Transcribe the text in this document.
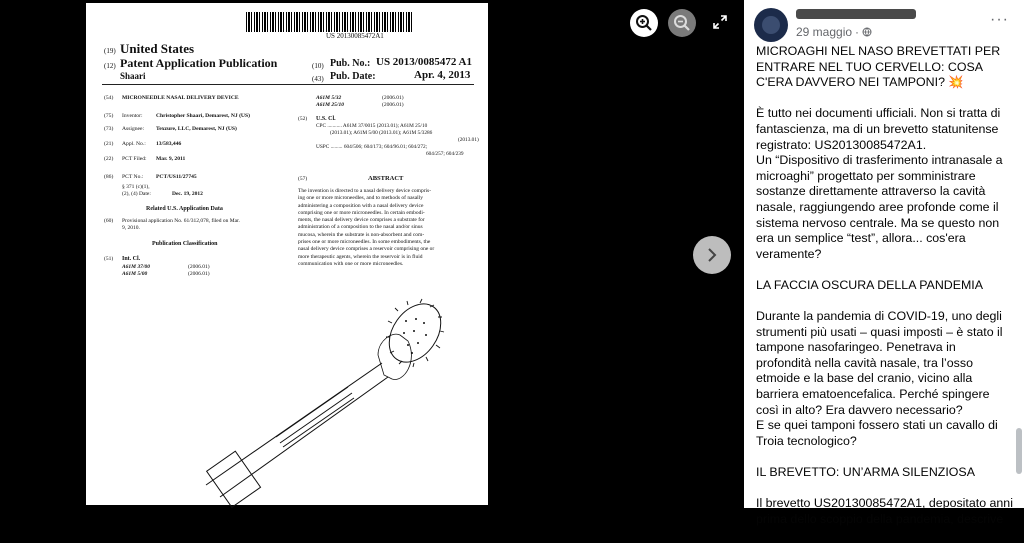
US 20130085472A1
(19) United States
(12) Patent Application Publication
Shaari
(10) Pub. No.: US 2013/0085472 A1
(43) Pub. Date:	Apr. 4, 2013
(54) MICRONEEDLE NASAL DELIVERY DEVICE
(75) Inventor: Christopher Shaari, Demarest, NJ (US)
(73) Assignee: Texzure, LLC, Demarest, NJ (US)
(21) Appl. No.: 13/583,446
(22) PCT Filed: Mar. 9, 2011
(86) PCT No.: PCT/US11/27745
§ 371 (c)(1),
(2), (4) Date:	Dec. 19, 2012
Related U.S. Application Data
(60) Provisional application No. 61/312,078, filed on Mar.
9, 2010.
Publication Classification
(51) Int. Cl.
A61M 37/00	(2006.01)
A61M 5/00	(2006.01)
A61M 5/32	(2006.01)
A61M 25/10	(2006.01)
(52) U.S. Cl.
CPC ........... A61M 37/0015 (2013.01); A61M 25/10
(2013.01); A61M 5/00 (2013.01); A61M 5/3286
(2013.01)
USPC ......... 604/506; 604/173; 604/96.01; 604/272;
604/257; 604/239
(57)	ABSTRACT
The invention is directed to a nasal delivery device compris-
ing one or more microneedles, and to methods of nasally
administering a composition with a nasal delivery device
comprising one or more microneedles. In certain embodi-
ments, the nasal delivery device comprises a substrate for
administration of a composition to the nasal and/or sinus
mucosa, wherein the substrate is non-absorbent and com-
prises one or more microneedles. In some embodiments, the
nasal delivery device comprises a reservoir comprising one or
more therapeutic agents, wherein the reservoir is in fluid
communication with one or more microneedles.
29 maggio ·
···

MICROAGHI NEL NASO BREVETTATI PER ENTRARE NEL TUO CERVELLO: COSA C'ERA DAVVERO NEI TAMPONI? 💥

È tutto nei documenti ufficiali. Non si tratta di fantascienza, ma di un brevetto statunitense registrato: US20130085472A1.

Un “Dispositivo di trasferimento intranasale a microaghi” progettato per somministrare sostanze direttamente attraverso la cavità nasale, raggiungendo aree profonde come il sistema nervoso centrale. Ma se questo non era un semplice “test”, allora... cos'era veramente?

LA FACCIA OSCURA DELLA PANDEMIA

Durante la pandemia di COVID-19, uno degli strumenti più usati – quasi imposti – è stato il tampone nasofaringeo. Penetrava in profondità nella cavità nasale, tra l’osso etmoide e la base del cranio, vicino alla barriera ematoencefalica. Perché spingere così in alto? Era davvero necessario?

E se quei tamponi fossero stati un cavallo di Troia tecnologico?

IL BREVETTO: UN’ARMA SILENZIOSA

Il brevetto US20130085472A1, depositato anni prima dello scoppio della pandemia, descrive
